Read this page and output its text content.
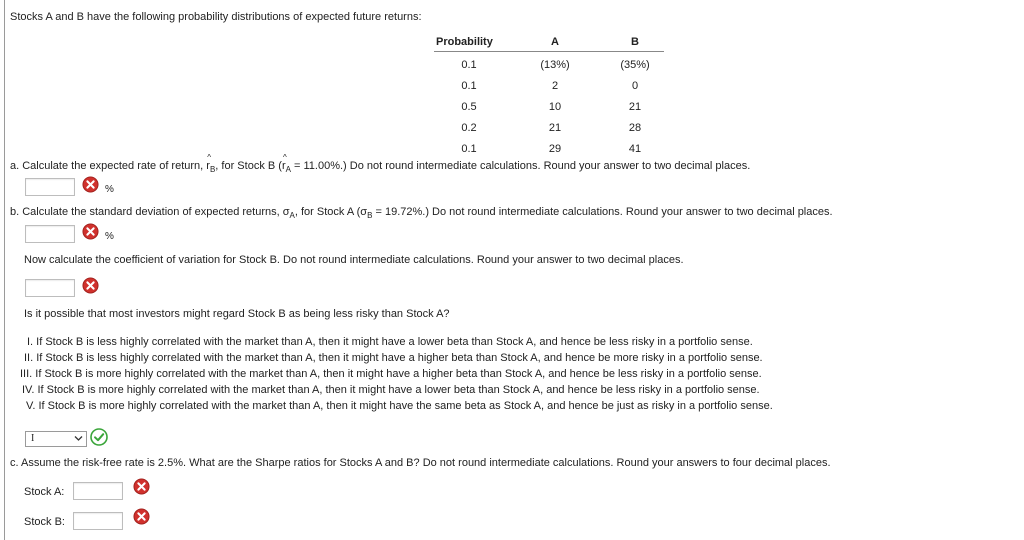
Stocks A and B have the following probability distributions of expected future returns:
Probability	A	B
0.1	(13%)	(35%)
0.1	2	0
0.5	10	21
0.2	21	28
0.1	29	41
a. Calculate the expected rate of return, ^ $r_B$, for Stock B (^ $r_A = 11.00\%$.) Do not round intermediate calculations. Round your answer to two decimal places.
%
b. Calculate the standard deviation of expected returns, $\sigma_A$, for Stock A $(\sigma_B = 19.72\%.)$ Do not round intermediate calculations. Round your answer to two decimal places.
%
Now calculate the coefficient of variation for Stock B. Do not round intermediate calculations. Round your answer to two decimal places.
Is it possible that most investors might regard Stock B as being less risky than Stock A?
I. If Stock B is less highly correlated with the market than A, then it might have a lower beta than Stock A, and hence be less risky in a portfolio sense.
II. If Stock B is less highly correlated with the market than A, then it might have a higher beta than Stock A, and hence be more risky in a portfolio sense.
III. If Stock B is more highly correlated with the market than A, then it might have a higher beta than Stock A, and hence be less risky in a portfolio sense.
IV. If Stock B is more highly correlated with the market than A, then it might have a lower beta than Stock A, and hence be less risky in a portfolio sense.
V. If Stock B is more highly correlated with the market than A, then it might have the same beta as Stock A, and hence be just as risky in a portfolio sense.
I
c. Assume the risk-free rate is 2.5%. What are the Sharpe ratios for Stocks A and B? Do not round intermediate calculations. Round your answers to four decimal places.
Stock A:
Stock B:
